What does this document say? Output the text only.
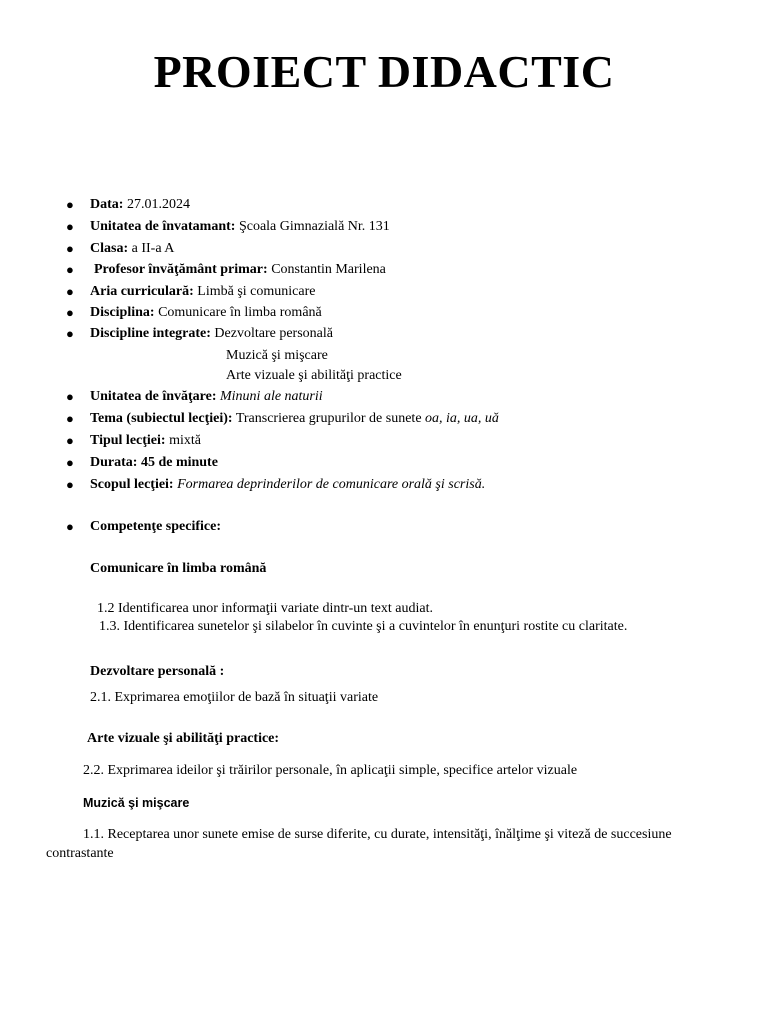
PROIECT DIDACTIC
● Data: 27.01.2024
● Unitatea de învatamant: Şcoala Gimnazială Nr. 131
● Clasa: a II-a A
● Profesor învăţământ primar: Constantin Marilena
● Aria curriculară: Limbă şi comunicare
● Disciplina: Comunicare în limba română
● Discipline integrate: Dezvoltare personală
Muzică şi mişcare
Arte vizuale şi abilităţi practice
● Unitatea de învăţare: Minuni ale naturii
● Tema (subiectul lecţiei): Transcrierea grupurilor de sunete oa, ia, ua, uă
● Tipul lecţiei: mixtă
● Durata: 45 de minute
● Scopul lecţiei: Formarea deprinderilor de comunicare orală şi scrisă.
● Competenţe specifice:
Comunicare în limba română
1.2 Identificarea unor informaţii variate dintr-un text audiat.
1.3. Identificarea sunetelor şi silabelor în cuvinte şi a cuvintelor în enunţuri rostite cu claritate.
Dezvoltare personală :
2.1. Exprimarea emoţiilor de bază în situaţii variate
Arte vizuale şi abilităţi practice:
2.2. Exprimarea ideilor şi trăirilor personale, în aplicaţii simple, specifice artelor vizuale
Muzică şi mişcare
1.1. Receptarea unor sunete emise de surse diferite, cu durate, intensităţi, înălţime şi viteză de succesiune
contrastante
